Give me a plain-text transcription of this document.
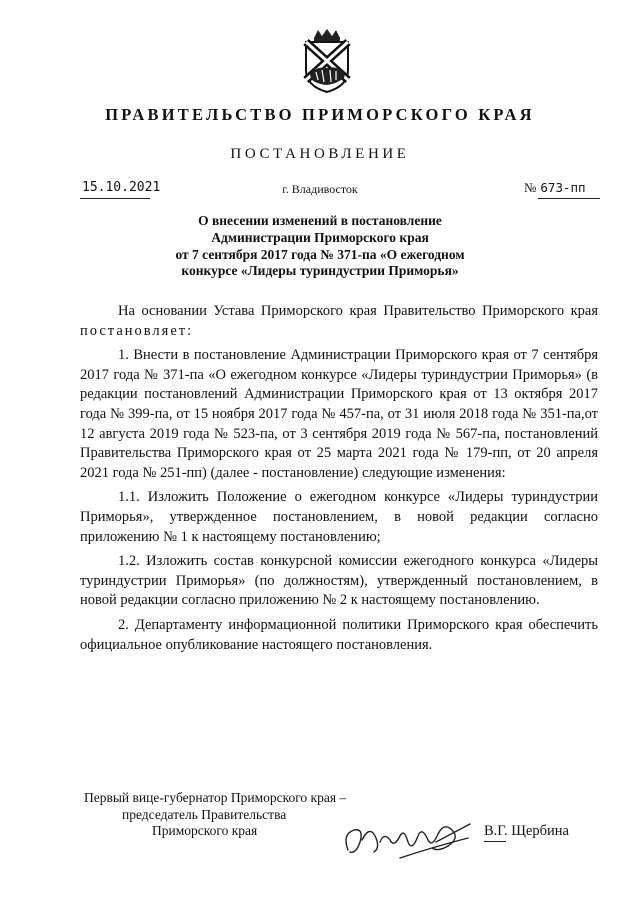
ПРАВИТЕЛЬСТВО ПРИМОРСКОГО КРАЯ
ПОСТАНОВЛЕНИЕ
15.10.2021	г. Владивосток	№ 673-пп
О внесении изменений в постановление
Администрации Приморского края
от 7 сентября 2017 года № 371-па «О ежегодном
конкурсе «Лидеры туриндустрии Приморья»

На основании Устава Приморского края Правительство Приморского края постановляет:

1. Внести в постановление Администрации Приморского края от 7 сентября 2017 года № 371-па «О ежегодном конкурсе «Лидеры туриндустрии Приморья» (в редакции постановлений Администрации Приморского края от 13 октября 2017 года № 399-па, от 15 ноября 2017 года № 457-па, от 31 июля 2018 года № 351-па,от 12 августа 2019 года № 523-па, от 3 сентября 2019 года № 567-па, постановлений Правительства Приморского края от 25 марта 2021 года № 179-пп, от 20 апреля 2021 года № 251-пп) (далее - постановление) следующие изменения:

1.1. Изложить Положение о ежегодном конкурсе «Лидеры туриндустрии Приморья», утвержденное постановлением, в новой редакции согласно приложению № 1 к настоящему постановлению;

1.2. Изложить состав конкурсной комиссии ежегодного конкурса «Лидеры туриндустрии Приморья» (по должностям), утвержденный постановлением, в новой редакции согласно приложению № 2 к настоящему постановлению.

2. Департаменту информационной политики Приморского края обеспечить официальное опубликование настоящего постановления.

Первый вице-губернатор Приморского края –
председатель Правительства
Приморского края	В.Г. Щербина
